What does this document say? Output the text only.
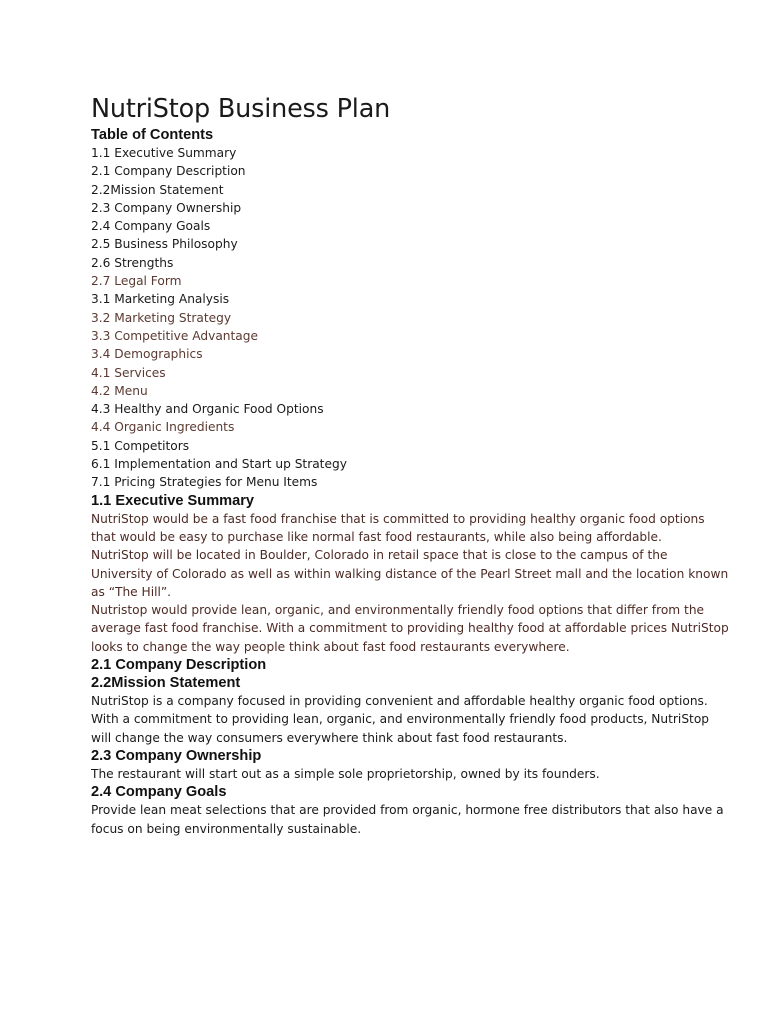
NutriStop Business Plan
Table of Contents
1.1 Executive Summary
2.1 Company Description
2.2Mission Statement
2.3 Company Ownership
2.4 Company Goals
2.5 Business Philosophy
2.6 Strengths
2.7 Legal Form
3.1 Marketing Analysis
3.2 Marketing Strategy
3.3 Competitive Advantage
3.4 Demographics
4.1 Services
4.2 Menu
4.3 Healthy and Organic Food Options
4.4 Organic Ingredients
5.1 Competitors
6.1 Implementation and Start up Strategy
7.1 Pricing Strategies for Menu Items
1.1 Executive Summary

NutriStop would be a fast food franchise that is committed to providing healthy organic food options that would be easy to purchase like normal fast food restaurants, while also being affordable.

NutriStop will be located in Boulder, Colorado in retail space that is close to the campus of the University of Colorado as well as within walking distance of the Pearl Street mall and the location known as “The Hill”.

Nutristop would provide lean, organic, and environmentally friendly food options that differ from the average fast food franchise. With a commitment to providing healthy food at affordable prices NutriStop looks to change the way people think about fast food restaurants everywhere.

2.1 Company Description
2.2Mission Statement

NutriStop is a company focused in providing convenient and affordable healthy organic food options. With a commitment to providing lean, organic, and environmentally friendly food products, NutriStop will change the way consumers everywhere think about fast food restaurants.

2.3 Company Ownership

The restaurant will start out as a simple sole proprietorship, owned by its founders.

2.4 Company Goals

Provide lean meat selections that are provided from organic, hormone free distributors that also have a focus on being environmentally sustainable.
